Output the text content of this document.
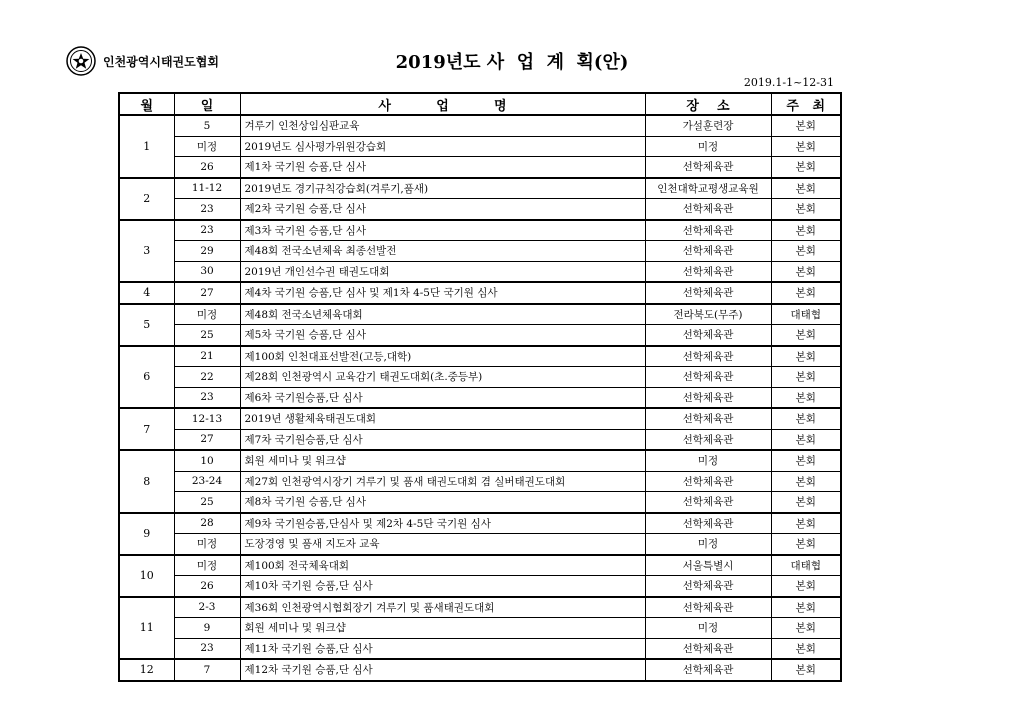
인천광역시태권도협회	2019년도 사  업  계  획(안)
2019.1-1~12-31
월	일	사          업          명	장    소	주   최
1	5	겨루기 인천상임심판교육	가설훈련장	본회
	미정	2019년도 심사평가위원강습회	미정	본회
	26	제1차 국기원 승품,단 심사	선학체육관	본회
2	11-12	2019년도 경기규칙강습회(겨루기,품새)	인천대학교평생교육원	본회
	23	제2차 국기원 승품,단 심사	선학체육관	본회
3	23	제3차 국기원 승품,단 심사	선학체육관	본회
	29	제48회 전국소년체육 최종선발전	선학체육관	본회
	30	2019년 개인선수권 태권도대회	선학체육관	본회
4	27	제4차 국기원 승품,단 심사 및 제1차 4-5단 국기원 심사	선학체육관	본회
5	미정	제48회 전국소년체육대회	전라북도(무주)	대태협
	25	제5차 국기원 승품,단 심사	선학체육관	본회
6	21	제100회 인천대표선발전(고등,대학)	선학체육관	본회
	22	제28회 인천광역시 교육감기 태권도대회(초.중등부)	선학체육관	본회
	23	제6차 국기원승품,단 심사	선학체육관	본회
7	12-13	2019년 생활체육태권도대회	선학체육관	본회
	27	제7차 국기원승품,단 심사	선학체육관	본회
8	10	회원 세미나 및 워크샵	미정	본회
	23-24	제27회 인천광역시장기 겨루기 및 품새 태권도대회 겸 실버태권도대회	선학체육관	본회
	25	제8차 국기원 승품,단 심사	선학체육관	본회
9	28	제9차 국기원승품,단심사 및 제2차 4-5단 국기원 심사	선학체육관	본회
	미정	도장경영 및 품새 지도자 교육	미정	본회
10	미정	제100회 전국체육대회	서울특별시	대태협
	26	제10차 국기원 승품,단 심사	선학체육관	본회
11	2-3	제36회 인천광역시협회장기 겨루기 및 품새태권도대회	선학체육관	본회
	9	회원 세미나 및 워크샵	미정	본회
	23	제11차 국기원 승품,단 심사	선학체육관	본회
12	7	제12차 국기원 승품,단 심사	선학체육관	본회
